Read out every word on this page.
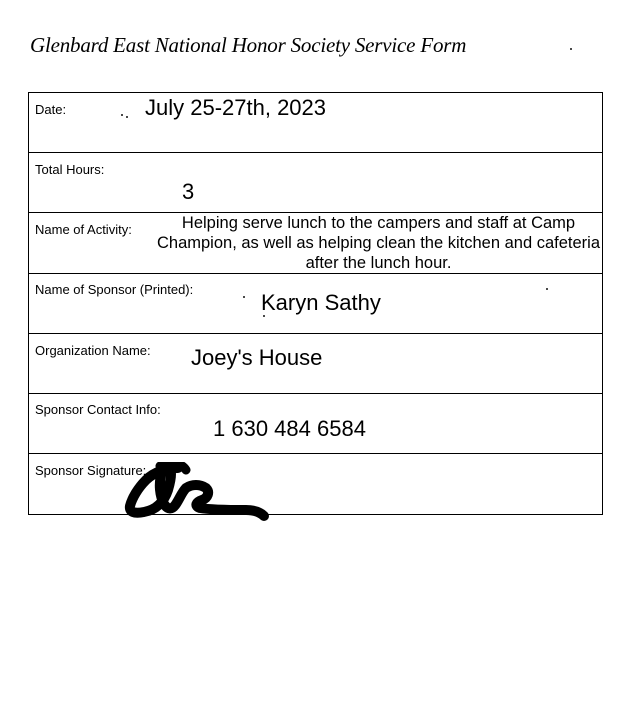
Glenbard East National Honor Society Service Form
Date:	July 25-27th, 2023
Total Hours:
3
Name of Activity:	Helping serve lunch to the campers and staff at Camp Champion, as well as helping clean the kitchen and cafeteria after the lunch hour.
Name of Sponsor (Printed):
Karyn Sathy
Organization Name: Joey's House
Sponsor Contact Info:
1 630 484 6584
Sponsor Signature:
